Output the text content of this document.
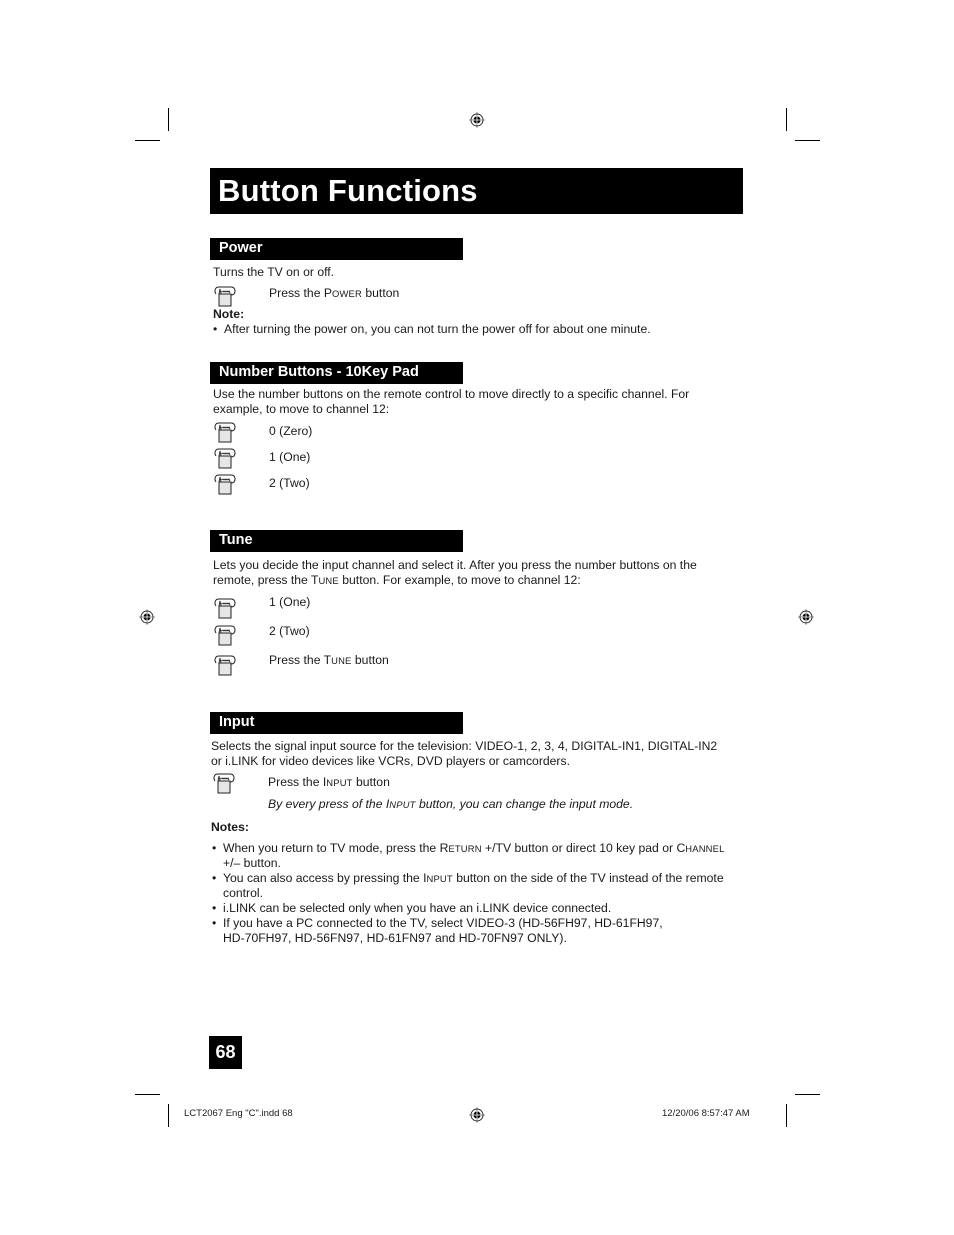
Button Functions
Power
Turns the TV on or off.
Press the POWER button
Note:
• After turning the power on, you can not turn the power off for about one minute.
Number Buttons - 10Key Pad
Use the number buttons on the remote control to move directly to a specific channel. For
example, to move to channel 12:
0 (Zero)
1 (One)
2 (Two)
Tune
Lets you decide the input channel and select it. After you press the number buttons on the
remote, press the TUNE button. For example, to move to channel 12:
1 (One)
2 (Two)
Press the TUNE button
Input
Selects the signal input source for the television: VIDEO-1, 2, 3, 4, DIGITAL-IN1, DIGITAL-IN2
or i.LINK for video devices like VCRs, DVD players or camcorders.
Press the INPUT button
By every press of the INPUT button, you can change the input mode.
Notes:
• When you return to TV mode, press the RETURN +/TV button or direct 10 key pad or CHANNEL
+/– button.
• You can also access by pressing the INPUT button on the side of the TV instead of the remote
control.
• i.LINK can be selected only when you have an i.LINK device connected.
• If you have a PC connected to the TV, select VIDEO-3 (HD-56FH97, HD-61FH97,
HD-70FH97, HD-56FN97, HD-61FN97 and HD-70FN97 ONLY).
68
LCT2067 Eng "C".indd 68	12/20/06 8:57:47 AM
